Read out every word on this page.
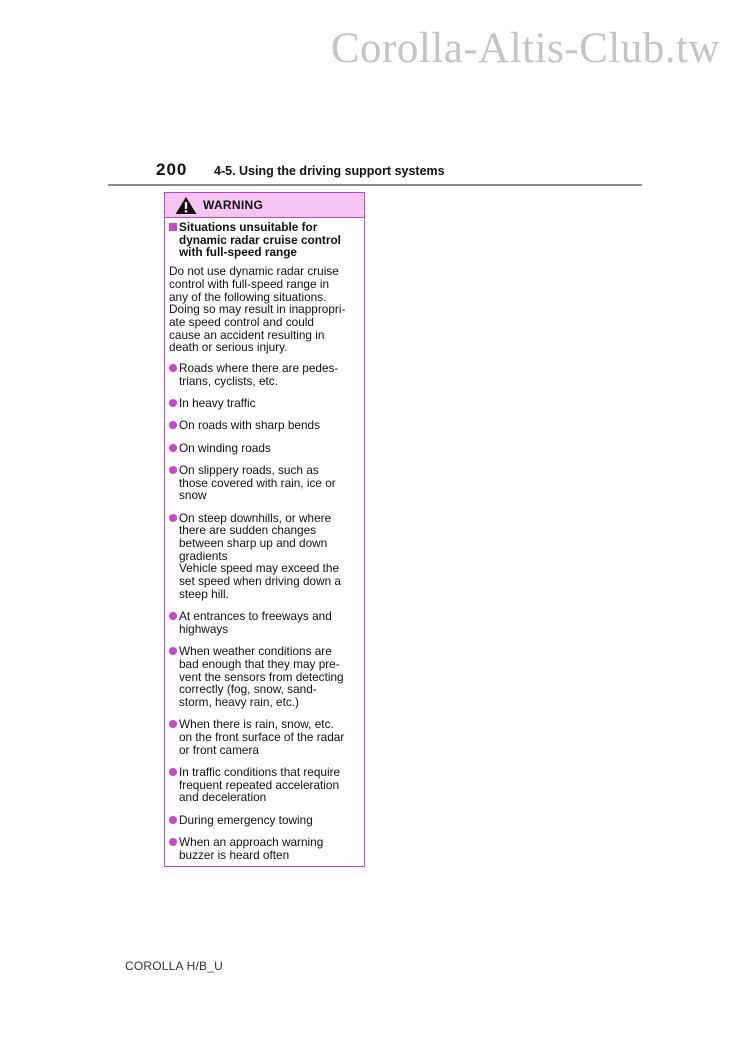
Corolla-Altis-Club.tw
200 4-5. Using the driving support systems
WARNING
Situations unsuitable for dynamic radar cruise control with full-speed range
Do not use dynamic radar cruise
control with full-speed range in
any of the following situations.
Doing so may result in inappropri-
ate speed control and could
cause an accident resulting in
death or serious injury.
Roads where there are pedes-
trians, cyclists, etc.
In heavy traffic
On roads with sharp bends
On winding roads
On slippery roads, such as
those covered with rain, ice or
snow
On steep downhills, or where
there are sudden changes
between sharp up and down
gradients
Vehicle speed may exceed the
set speed when driving down a
steep hill.
At entrances to freeways and
highways
When weather conditions are
bad enough that they may pre-
vent the sensors from detecting
correctly (fog, snow, sand-
storm, heavy rain, etc.)
When there is rain, snow, etc.
on the front surface of the radar
or front camera
In traffic conditions that require
frequent repeated acceleration
and deceleration
During emergency towing
When an approach warning
buzzer is heard often
COROLLA H/B_U
